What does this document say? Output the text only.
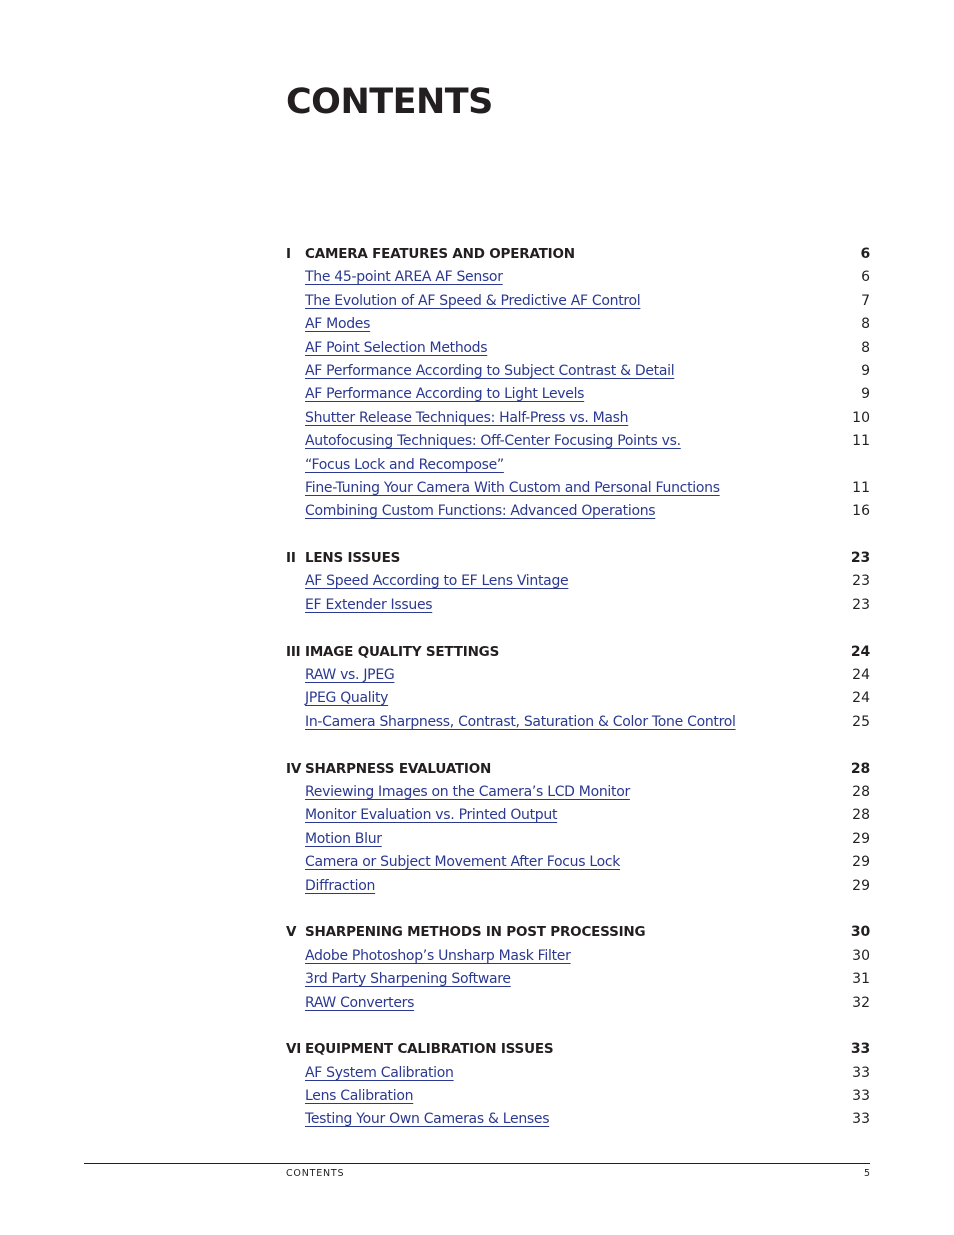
CONTENTS
I CAMERA FEATURES AND OPERATION	6
The 45-point AREA AF Sensor	6
The Evolution of AF Speed & Predictive AF Control	7
AF Modes	8
AF Point Selection Methods	8
AF Performance According to Subject Contrast & Detail	9
AF Performance According to Light Levels	9
Shutter Release Techniques: Half-Press vs. Mash	10
Autofocusing Techniques: Off-Center Focusing Points vs.	11
“Focus Lock and Recompose”
Fine-Tuning Your Camera With Custom and Personal Functions	11
Combining Custom Functions: Advanced Operations	16
II LENS ISSUES	23
AF Speed According to EF Lens Vintage	23
EF Extender Issues	23
III IMAGE QUALITY SETTINGS	24
RAW vs. JPEG	24
JPEG Quality	24
In-Camera Sharpness, Contrast, Saturation & Color Tone Control	25
IV SHARPNESS EVALUATION	28
Reviewing Images on the Camera’s LCD Monitor	28
Monitor Evaluation vs. Printed Output	28
Motion Blur	29
Camera or Subject Movement After Focus Lock	29
Diffraction	29
V SHARPENING METHODS IN POST PROCESSING	30
Adobe Photoshop’s Unsharp Mask Filter	30
3rd Party Sharpening Software	31
RAW Converters	32
VI EQUIPMENT CALIBRATION ISSUES	33
AF System Calibration	33
Lens Calibration	33
Testing Your Own Cameras & Lenses	33
CONTENTS	5
